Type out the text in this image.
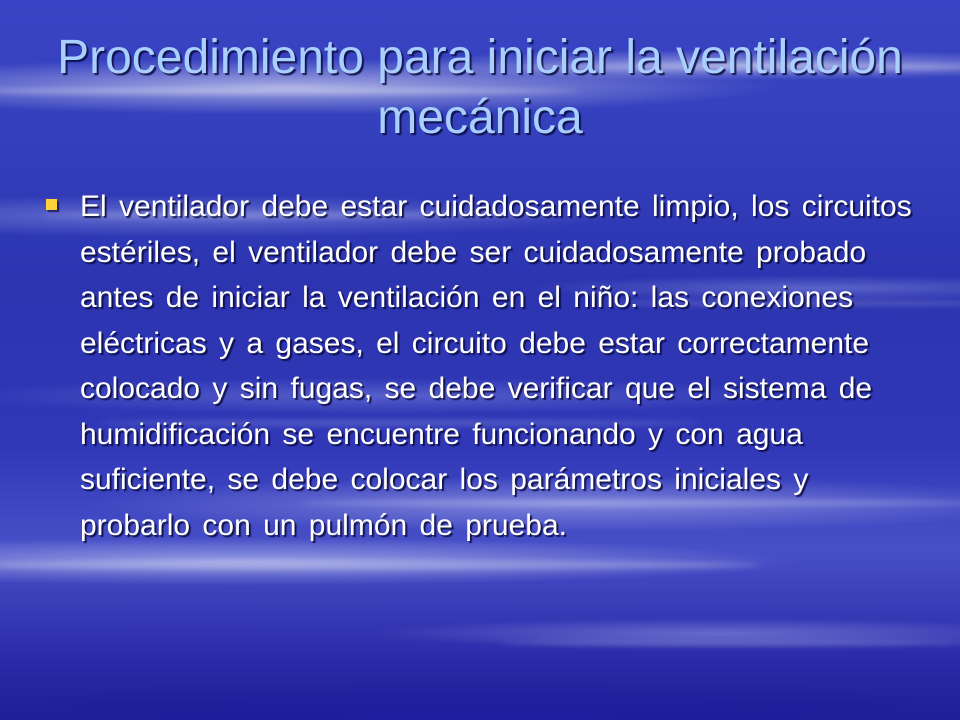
Procedimiento para iniciar la ventilación mecánica
El ventilador debe estar cuidadosamente limpio, los circuitos estériles, el ventilador debe ser cuidadosamente probado antes de iniciar la ventilación en el niño: las conexiones eléctricas y a gases, el circuito debe estar correctamente colocado y sin fugas, se debe verificar que el sistema de humidificación se encuentre funcionando y con agua suficiente, se debe colocar los parámetros iniciales y probarlo con un pulmón de prueba.
